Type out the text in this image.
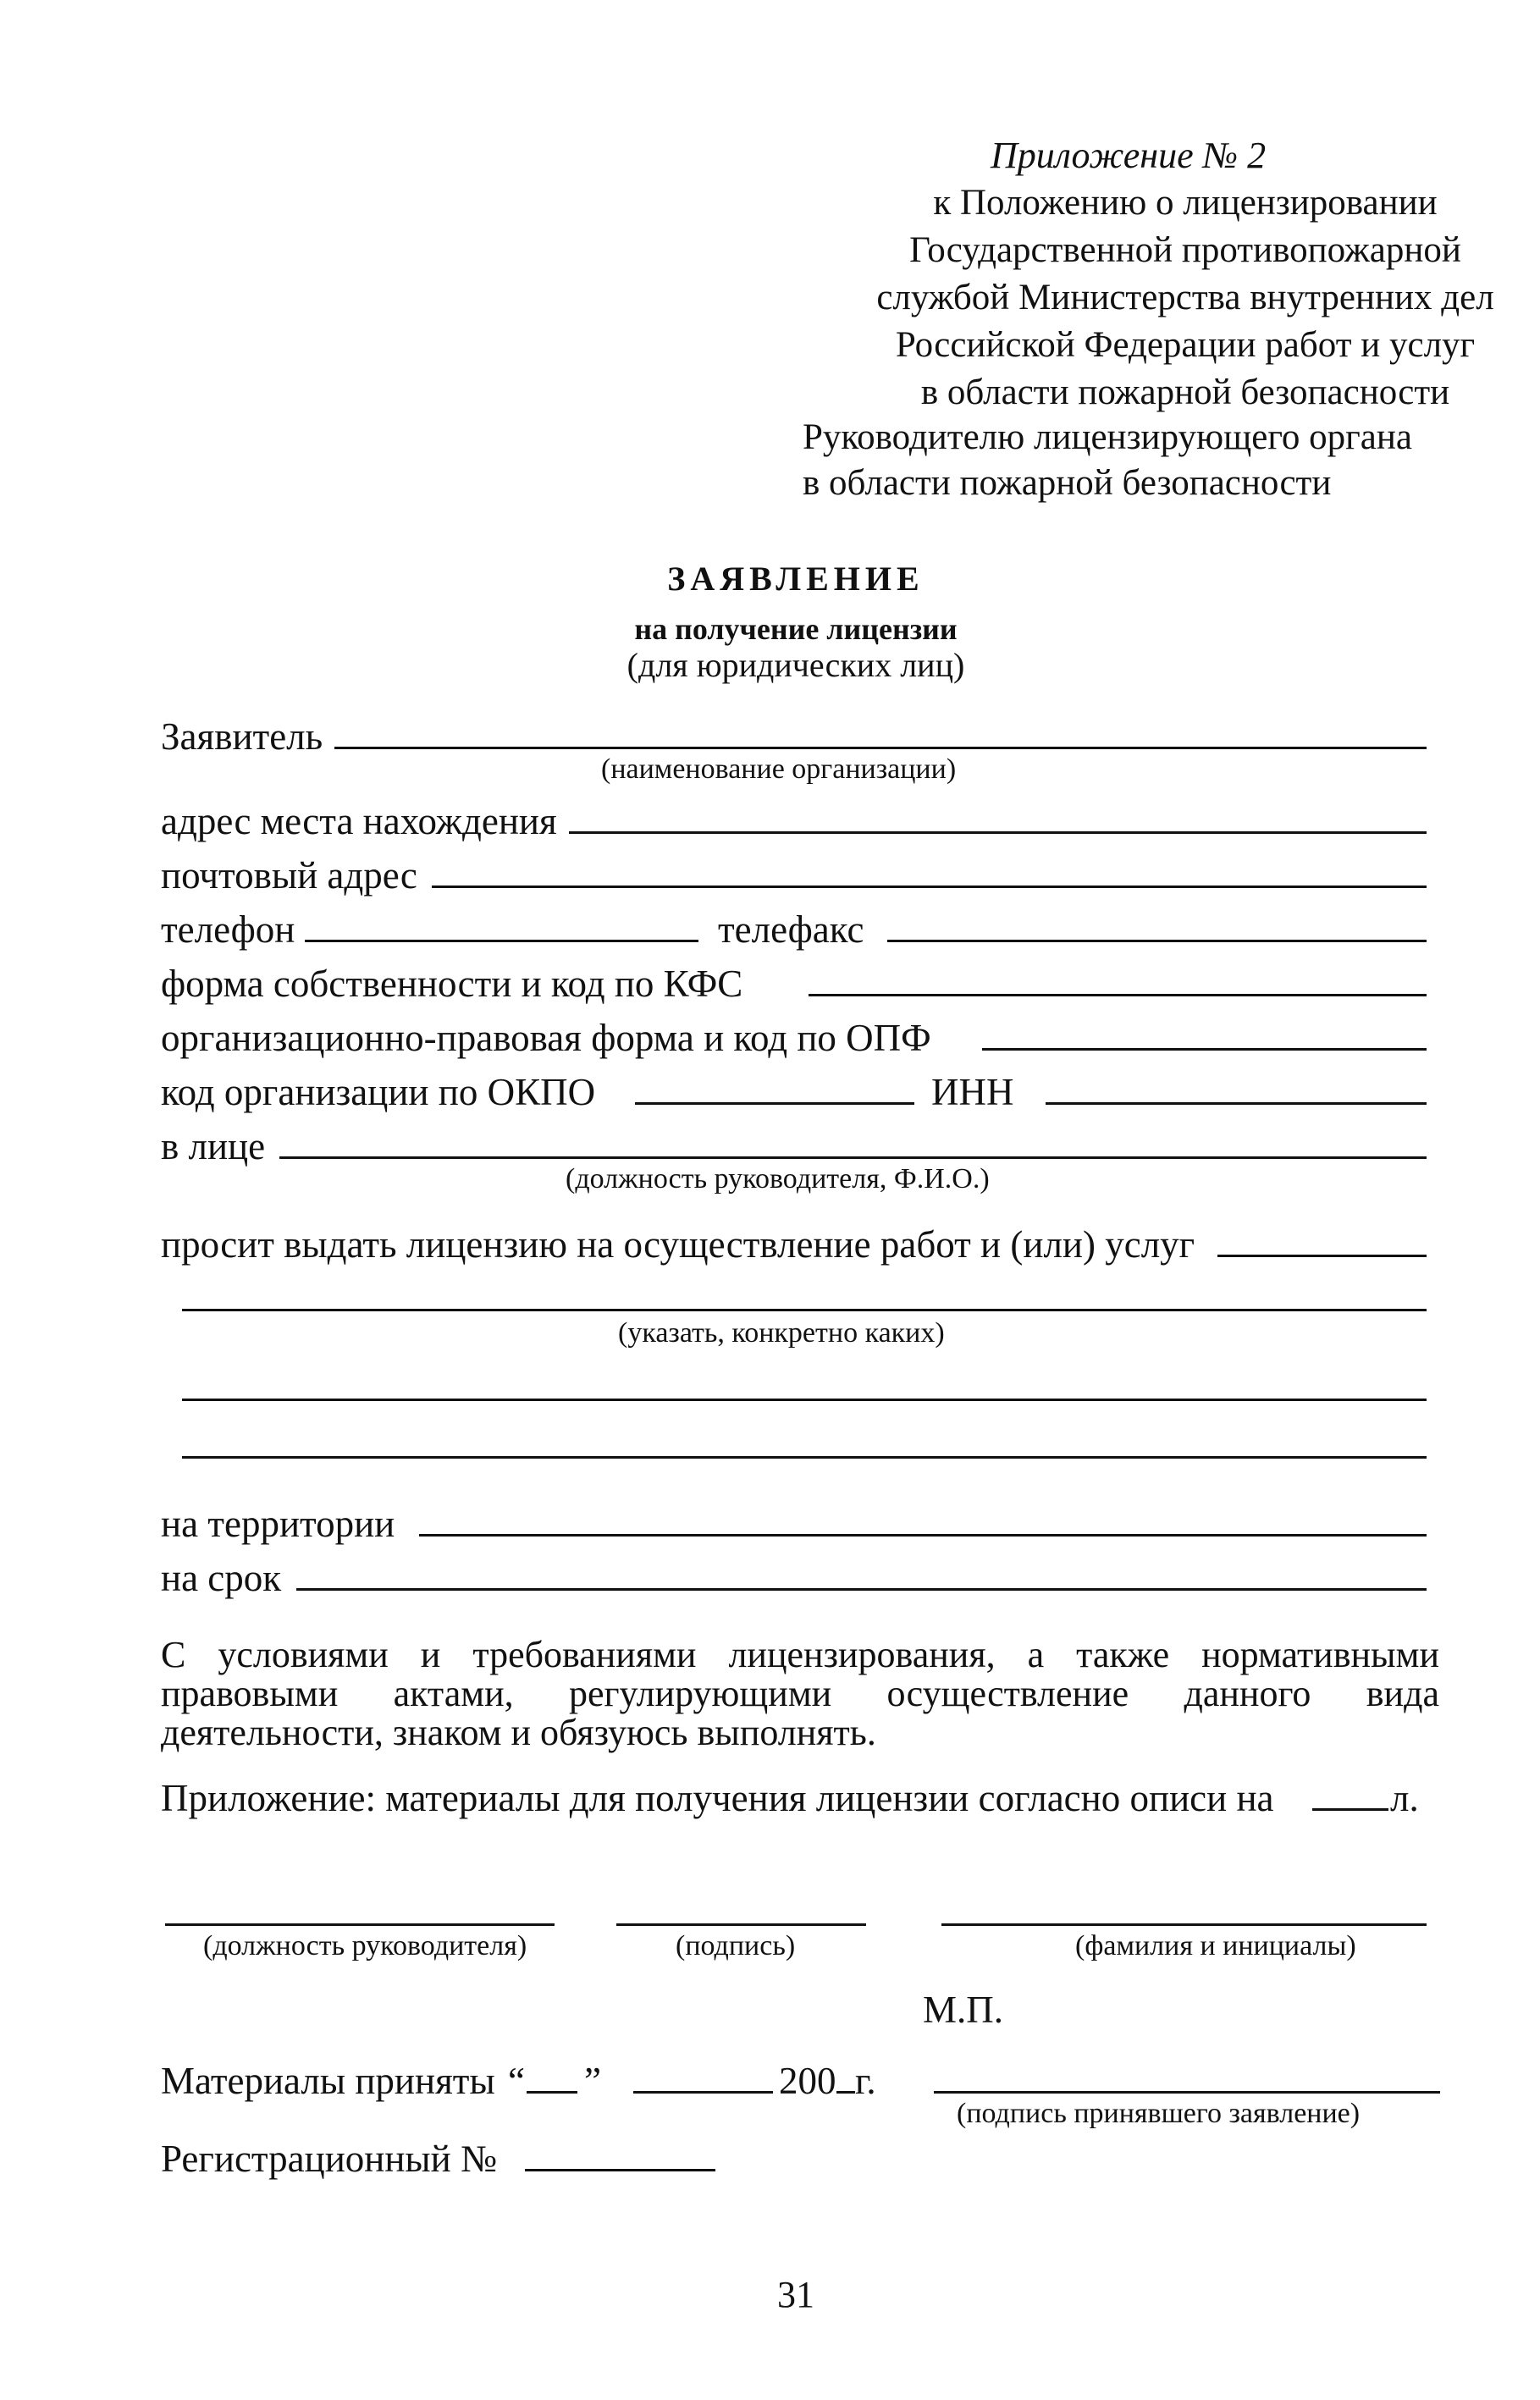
Приложение № 2
к Положению о лицензировании
Государственной противопожарной
службой Министерства внутренних дел
Российской Федерации работ и услуг
в области пожарной безопасности
Руководителю лицензирующего органа
в области пожарной безопасности
ЗАЯВЛЕНИЕ
на получение лицензии
(для юридических лиц)
Заявитель
(наименование организации)
адрес места нахождения
почтовый адрес
телефон	телефакс
форма собственности и код по КФС
организационно-правовая форма и код по ОПФ
код организации по ОКПО	ИНН
в лице
(должность руководителя, Ф.И.О.)
просит выдать лицензию на осуществление работ и (или) услуг
(указать, конкретно каких)
на территории
на срок
С условиями и требованиями лицензирования, а также нормативными правовыми актами, регулирующими осуществление данного вида деятельности, знаком и обязуюсь выполнять.
Приложение: материалы для получения лицензии согласно описи на	л.
(должность руководителя)	(подпись)	(фамилия и инициалы)
М.П.
Материалы приняты “ ”	200 г.
(подпись принявшего заявление)
Регистрационный №
31
